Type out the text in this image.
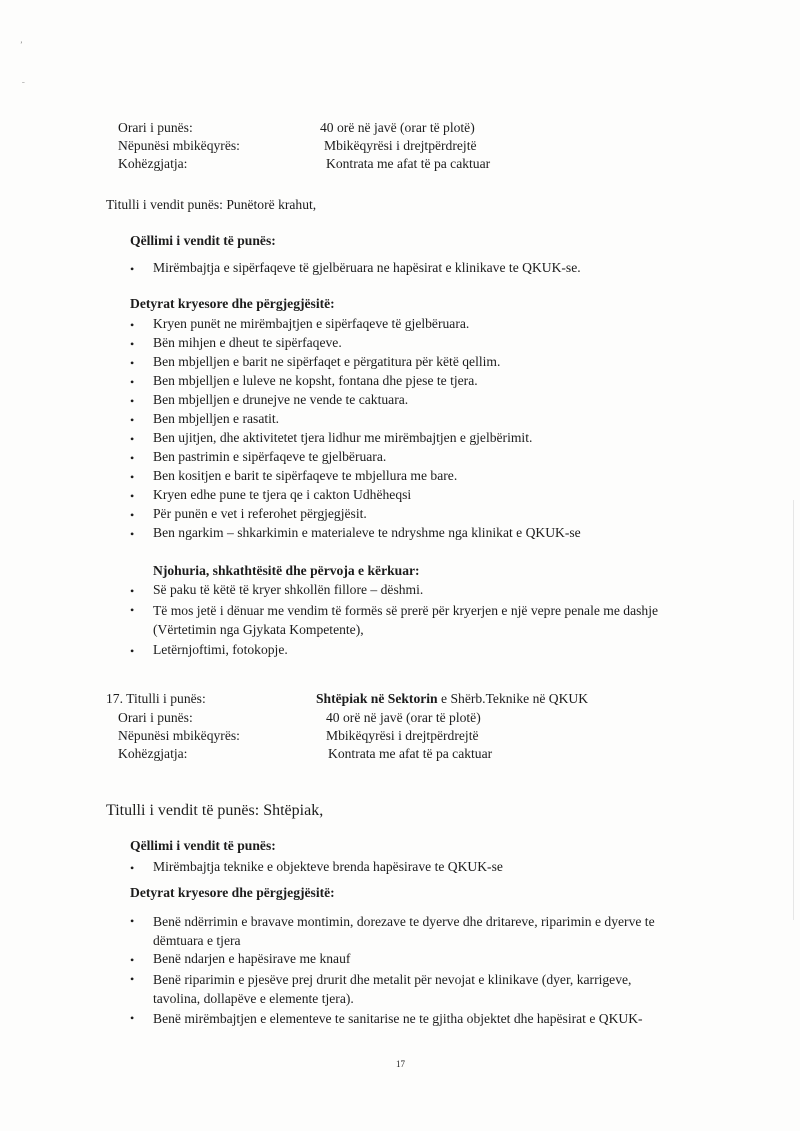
ʼ
ˉ
Orari i punës:	40 orë në javë (orar të plotë)
Nëpunësi mbikëqyrës:	Mbikëqyrësi i drejtpërdrejtë
Kohëzgjatja:	Kontrata me afat të pa caktuar
Titulli i vendit punës: Punëtorë krahut,
Qëllimi i vendit të punës:
• Mirëmbajtja e sipërfaqeve të gjelbëruara ne hapësirat e klinikave te QKUK-se.
Detyrat kryesore dhe përgjegjësitë:
• Kryen punët ne mirëmbajtjen e sipërfaqeve të gjelbëruara.
• Bën mihjen e dheut te sipërfaqeve.
• Ben mbjelljen e barit ne sipërfaqet e përgatitura për këtë qellim.
• Ben mbjelljen e luleve ne kopsht, fontana dhe pjese te tjera.
• Ben mbjelljen e drunejve ne vende te caktuara.
• Ben mbjelljen e rasatit.
• Ben ujitjen, dhe aktivitetet tjera lidhur me mirëmbajtjen e gjelbërimit.
• Ben pastrimin e sipërfaqeve te gjelbëruara.
• Ben kositjen e barit te sipërfaqeve te mbjellura me bare.
• Kryen edhe pune te tjera qe i cakton Udhëheqsi
• Për punën e vet i referohet përgjegjësit.
• Ben ngarkim – shkarkimin e materialeve te ndryshme nga klinikat e QKUK-se
Njohuria, shkathtësitë dhe përvoja e kërkuar:
• Së paku të këtë të kryer shkollën fillore – dëshmi.
• Të mos jetë i dënuar me vendim të formës së prerë për kryerjen e një vepre penale me dashje (Vërtetimin nga Gjykata Kompetente),
• Letërnjoftimi, fotokopje.
17. Titulli i punës:	Shtëpiak në Sektorin e Shërb.Teknike në QKUK
Orari i punës:	40 orë në javë (orar të plotë)
Nëpunësi mbikëqyrës:	Mbikëqyrësi i drejtpërdrejtë
Kohëzgjatja:	Kontrata me afat të pa caktuar
Titulli i vendit të punës: Shtëpiak,
Qëllimi i vendit të punës:
• Mirëmbajtja teknike e objekteve brenda hapësirave te QKUK-se
Detyrat kryesore dhe përgjegjësitë:
• Benë ndërrimin e bravave montimin, dorezave te dyerve dhe dritareve, riparimin e dyerve te dëmtuara e tjera
• Benë ndarjen e hapësirave me knauf
• Benë riparimin e pjesëve prej drurit dhe metalit për nevojat e klinikave (dyer, karrigeve, tavolina, dollapëve e elemente tjera).
• Benë mirëmbajtjen e elementeve te sanitarise ne te gjitha objektet dhe hapësirat e QKUK-
17
